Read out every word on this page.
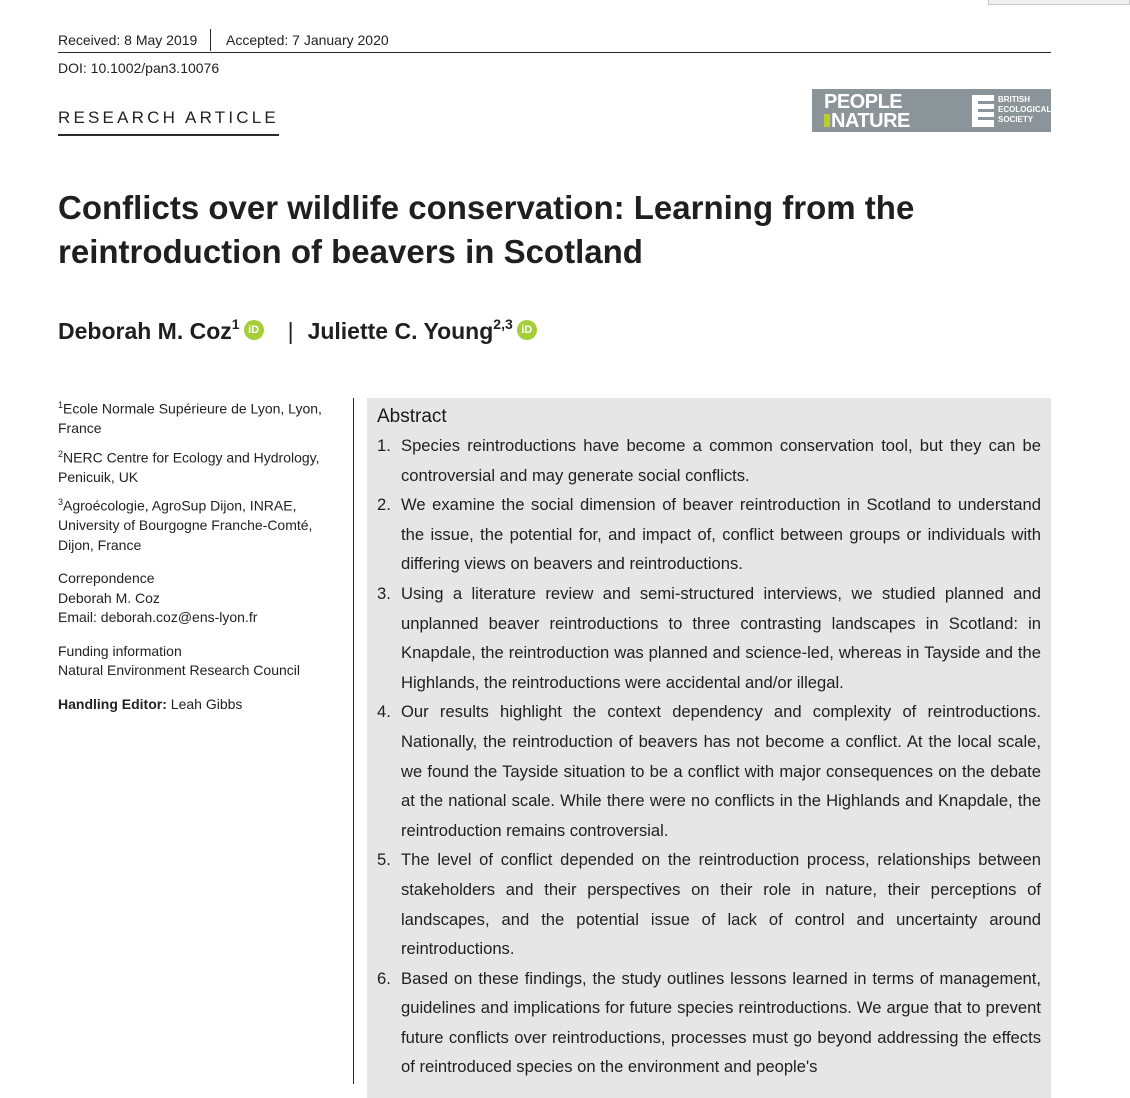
Received: 8 May 2019 Accepted: 7 January 2020
DOI: 10.1002/pan3.10076
RESEARCH ARTICLE
PEOPLE
NATURE
BRITISH
ECOLOGICAL
SOCIETY
Conflicts over wildlife conservation: Learning from the reintroduction of beavers in Scotland
Deborah M. Coz$^1$ iD | Juliette C. Young$^{2,3}$ iD
$^1$Ecole Normale Supérieure de Lyon, Lyon, France
$^2$NERC Centre for Ecology and Hydrology, Penicuik, UK
$^3$Agroécologie, AgroSup Dijon, INRAE, University of Bourgogne Franche-Comté, Dijon, France
Correpondence
Deborah M. Coz
Email: deborah.coz@ens-lyon.fr
Funding information
Natural Environment Research Council
Handling Editor: Leah Gibbs
Abstract
1. Species reintroductions have become a common conservation tool, but they can be controversial and may generate social conflicts.
2. We examine the social dimension of beaver reintroduction in Scotland to understand the issue, the potential for, and impact of, conflict between groups or individuals with differing views on beavers and reintroductions.
3. Using a literature review and semi-structured interviews, we studied planned and unplanned beaver reintroductions to three contrasting landscapes in Scotland: in Knapdale, the reintroduction was planned and science-led, whereas in Tayside and the Highlands, the reintroductions were accidental and/or illegal.
4. Our results highlight the context dependency and complexity of reintroductions. Nationally, the reintroduction of beavers has not become a conflict. At the local scale, we found the Tayside situation to be a conflict with major consequences on the debate at the national scale. While there were no conflicts in the Highlands and Knapdale, the reintroduction remains controversial.
5. The level of conflict depended on the reintroduction process, relationships between stakeholders and their perspectives on their role in nature, their perceptions of landscapes, and the potential issue of lack of control and uncertainty around reintroductions.
6. Based on these findings, the study outlines lessons learned in terms of management, guidelines and implications for future species reintroductions. We argue that to prevent future conflicts over reintroductions, processes must go beyond addressing the effects of reintroduced species on the environment and people's
